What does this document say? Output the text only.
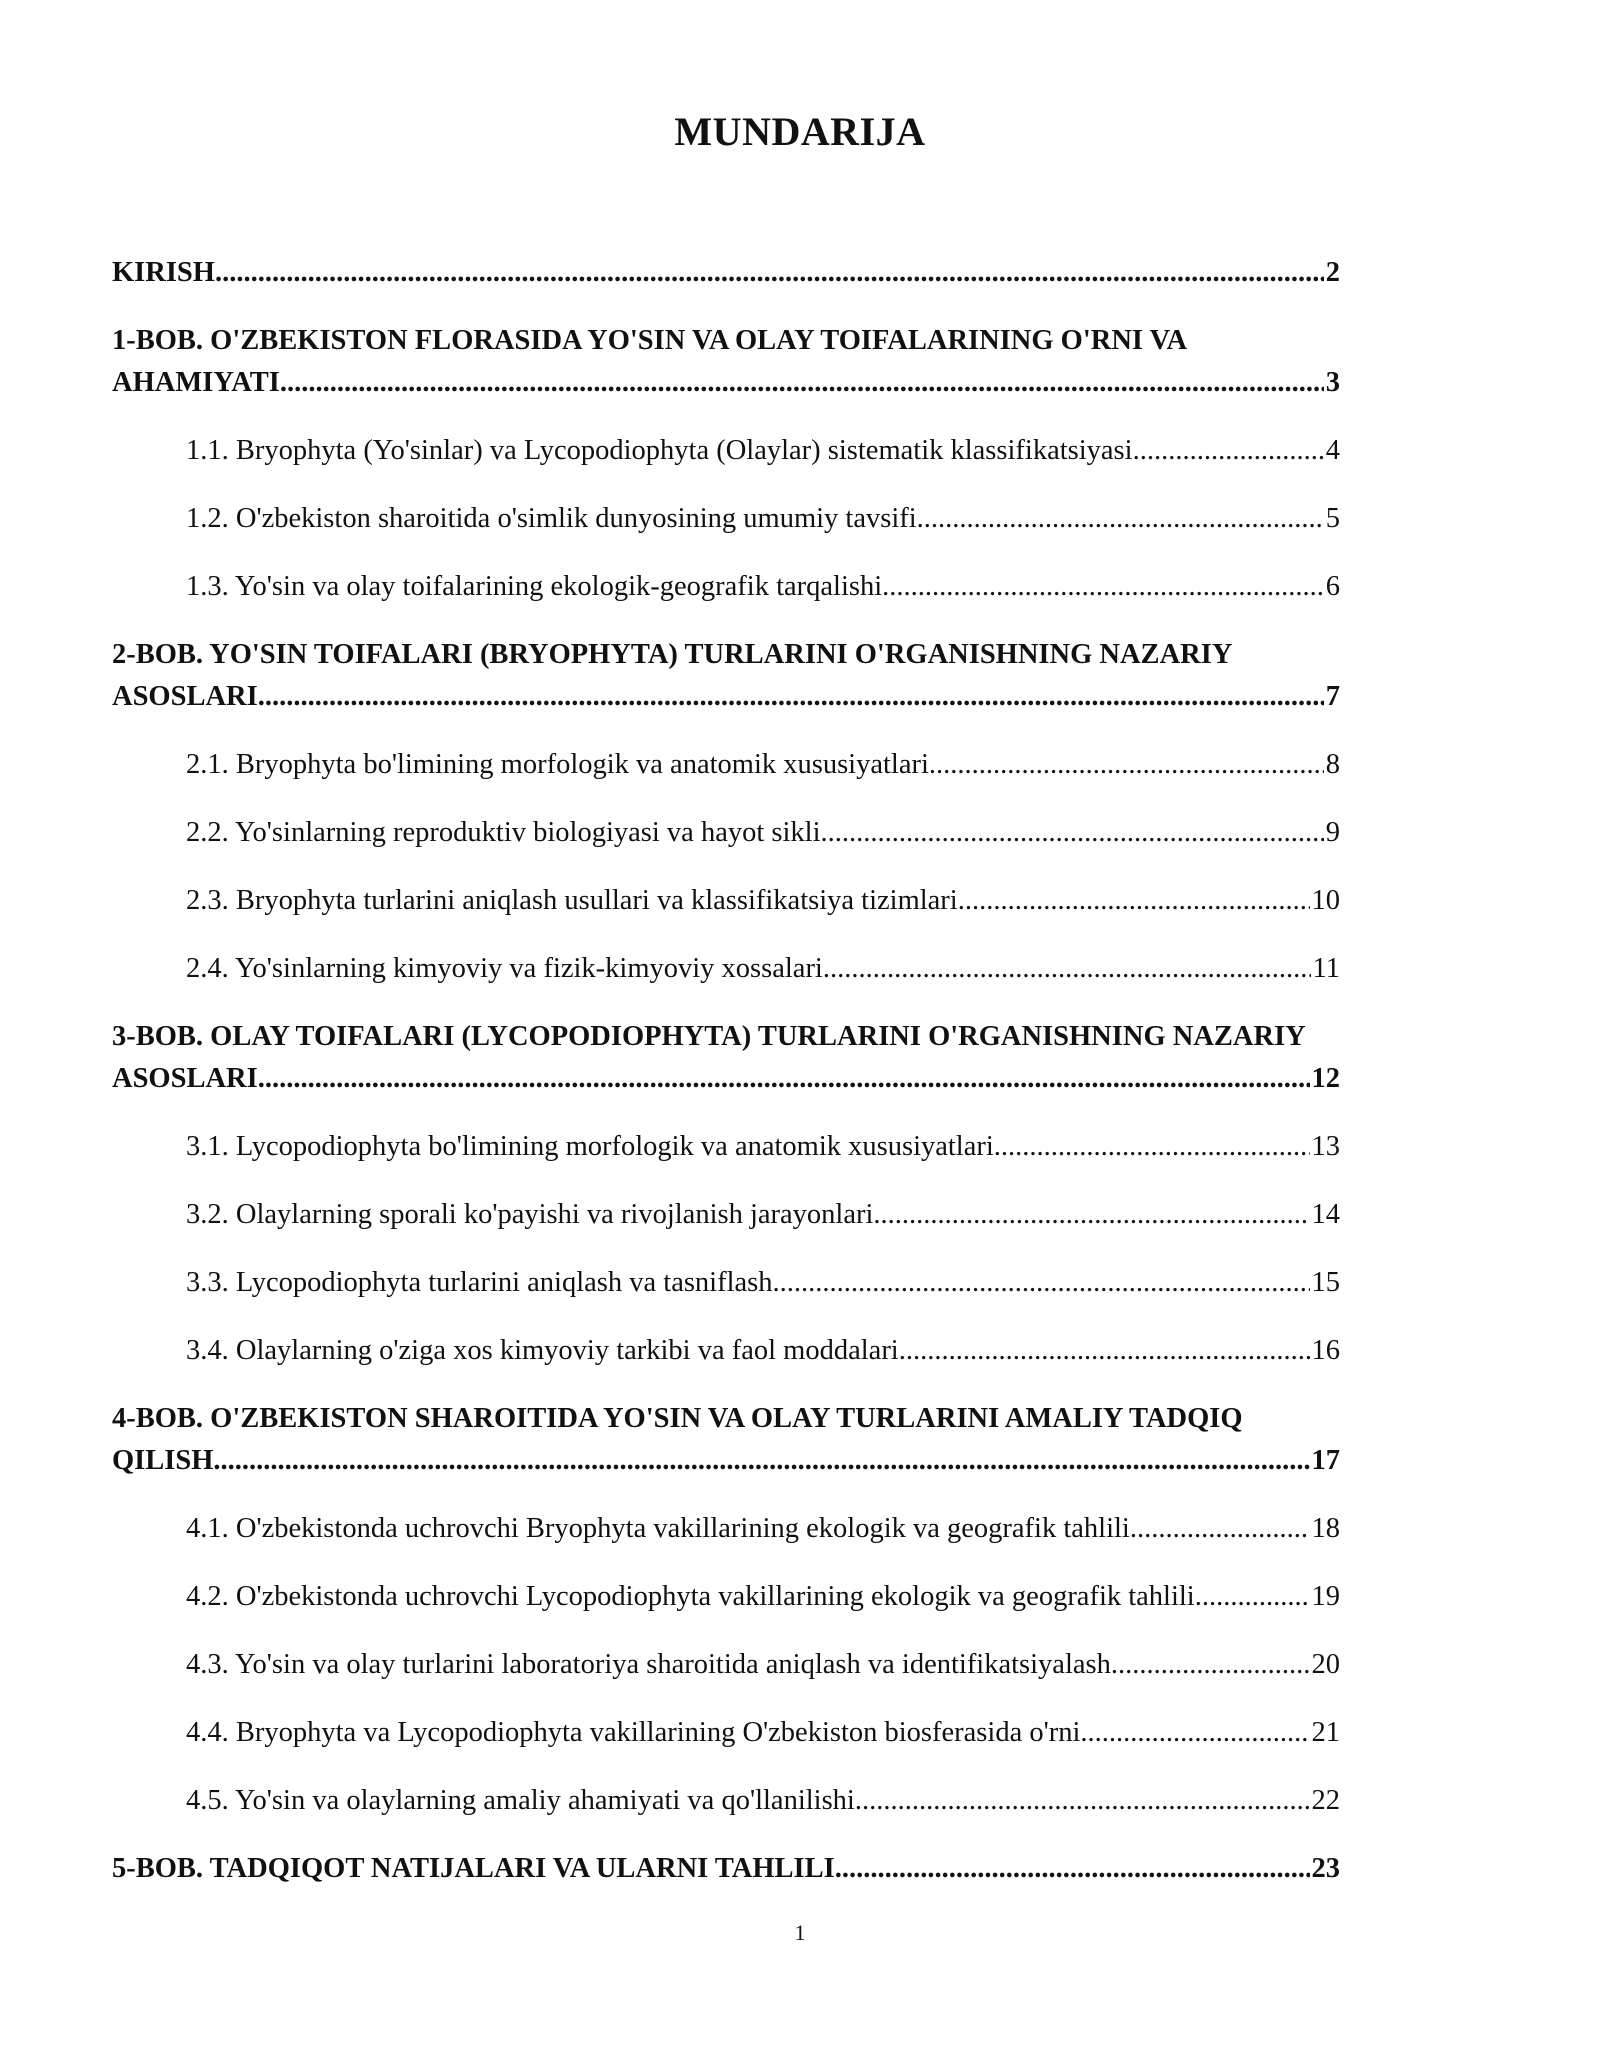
MUNDARIJA
KIRISH .....	2
1-BOB. O'ZBEKISTON FLORASIDA YO'SIN VA OLAY TOIFALARINING O'RNI VA
AHAMIYATI .....	3
1.1. Bryophyta (Yo'sinlar) va Lycopodiophyta (Olaylar) sistematik klassifikatsiyasi .....	4
1.2. O'zbekiston sharoitida o'simlik dunyosining umumiy tavsifi .....	5
1.3. Yo'sin va olay toifalarining ekologik-geografik tarqalishi .....	6
2-BOB. YO'SIN TOIFALARI (BRYOPHYTA) TURLARINI O'RGANISHNING NAZARIY
ASOSLARI .....	7
2.1. Bryophyta bo'limining morfologik va anatomik xususiyatlari .....	8
2.2. Yo'sinlarning reproduktiv biologiyasi va hayot sikli .....	9
2.3. Bryophyta turlarini aniqlash usullari va klassifikatsiya tizimlari .....	10
2.4. Yo'sinlarning kimyoviy va fizik-kimyoviy xossalari .....	11
3-BOB. OLAY TOIFALARI (LYCOPODIOPHYTA) TURLARINI O'RGANISHNING NAZARIY
ASOSLARI .....	12
3.1. Lycopodiophyta bo'limining morfologik va anatomik xususiyatlari .....	13
3.2. Olaylarning sporali ko'payishi va rivojlanish jarayonlari .....	14
3.3. Lycopodiophyta turlarini aniqlash va tasniflash .....	15
3.4. Olaylarning o'ziga xos kimyoviy tarkibi va faol moddalari .....	16
4-BOB. O'ZBEKISTON SHAROITIDA YO'SIN VA OLAY TURLARINI AMALIY TADQIQ
QILISH .....	17
4.1. O'zbekistonda uchrovchi Bryophyta vakillarining ekologik va geografik tahlili .....	18
4.2. O'zbekistonda uchrovchi Lycopodiophyta vakillarining ekologik va geografik tahlili .....	19
4.3. Yo'sin va olay turlarini laboratoriya sharoitida aniqlash va identifikatsiyalash .....	20
4.4. Bryophyta va Lycopodiophyta vakillarining O'zbekiston biosferasida o'rni .....	21
4.5. Yo'sin va olaylarning amaliy ahamiyati va qo'llanilishi .....	22
5-BOB. TADQIQOT NATIJALARI VA ULARNI TAHLILI .....	23
1
